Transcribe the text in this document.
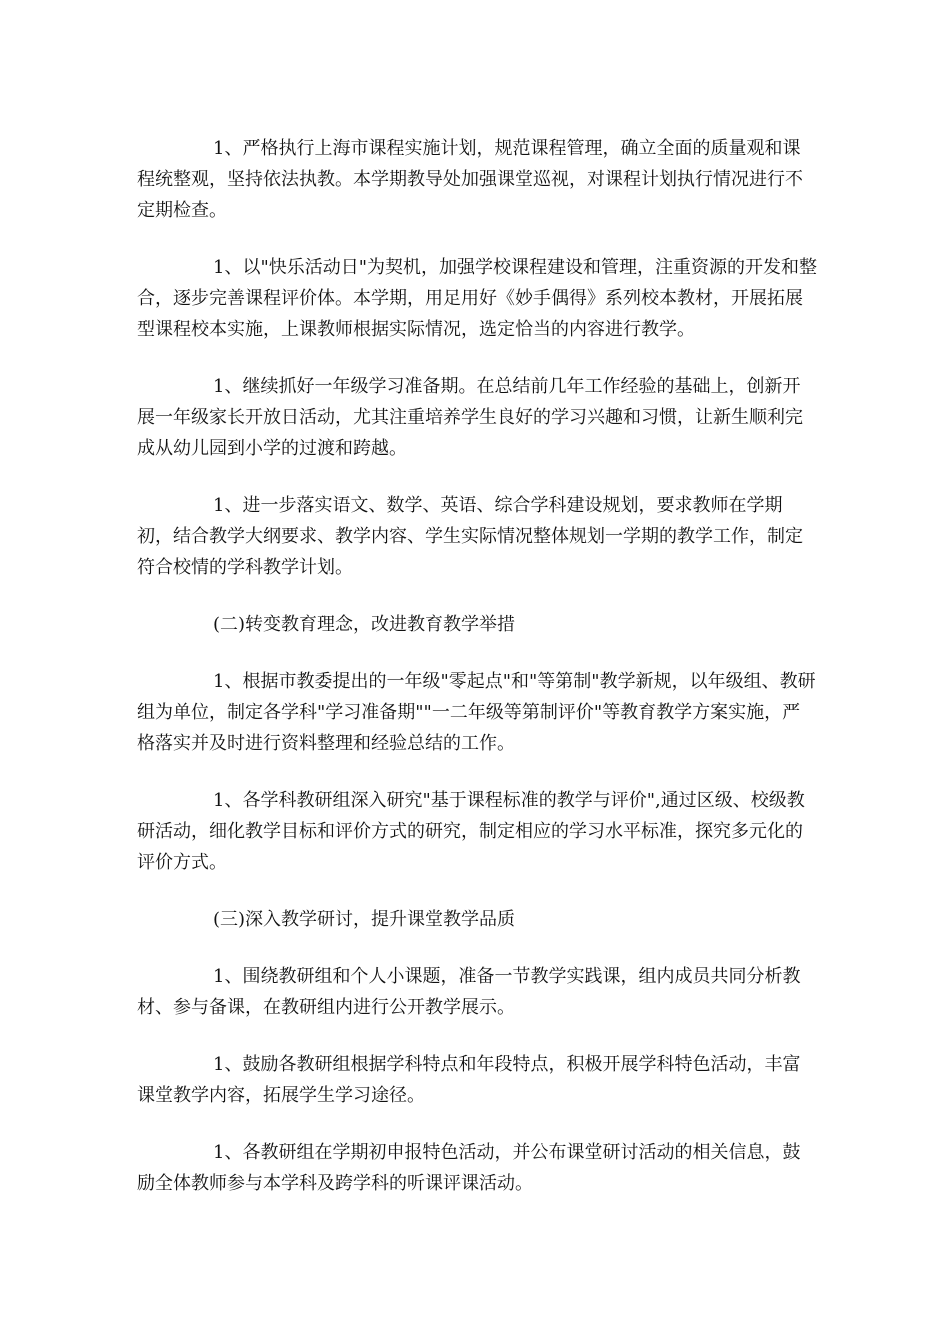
1、严格执行上海市课程实施计划，规范课程管理，确立全面的质量观和课程统整观，坚持依法执教。本学期教导处加强课堂巡视，对课程计划执行情况进行不定期检查。

1、以"快乐活动日"为契机，加强学校课程建设和管理，注重资源的开发和整合，逐步完善课程评价体。本学期，用足用好《妙手偶得》系列校本教材，开展拓展型课程校本实施，上课教师根据实际情况，选定恰当的内容进行教学。

1、继续抓好一年级学习准备期。在总结前几年工作经验的基础上，创新开展一年级家长开放日活动，尤其注重培养学生良好的学习兴趣和习惯，让新生顺利完成从幼儿园到小学的过渡和跨越。

1、进一步落实语文、数学、英语、综合学科建设规划，要求教师在学期初，结合教学大纲要求、教学内容、学生实际情况整体规划一学期的教学工作，制定符合校情的学科教学计划。

(二)转变教育理念，改进教育教学举措

1、根据市教委提出的一年级"零起点"和"等第制"教学新规，以年级组、教研组为单位，制定各学科"学习准备期""一二年级等第制评价"等教育教学方案实施，严格落实并及时进行资料整理和经验总结的工作。

1、各学科教研组深入研究"基于课程标准的教学与评价",通过区级、校级教研活动，细化教学目标和评价方式的研究，制定相应的学习水平标准，探究多元化的评价方式。

(三)深入教学研讨，提升课堂教学品质

1、围绕教研组和个人小课题，准备一节教学实践课，组内成员共同分析教材、参与备课，在教研组内进行公开教学展示。

1、鼓励各教研组根据学科特点和年段特点，积极开展学科特色活动，丰富课堂教学内容，拓展学生学习途径。

1、各教研组在学期初申报特色活动，并公布课堂研讨活动的相关信息，鼓励全体教师参与本学科及跨学科的听课评课活动。
